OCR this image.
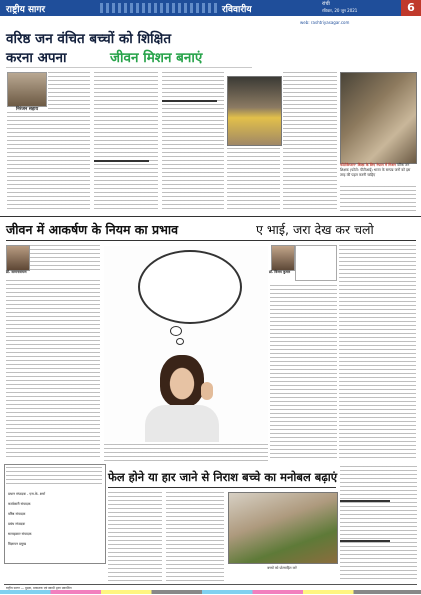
राष्ट्रीय सागर	रविवारीय
रांची
रविवार, 20 जून 2021	6
web: rashtriyasagar.com
वरिष्ठ जन वंचित बच्चों को शिक्षित
करना अपना	जीवन मिशन बनाएं
निरंजन सहाय
फोटोकैप्शन- शिक्षा के लिए नेपाल में मिशन वरिष्ठ जन शिक्षक (फोटो: पीटीआई) भारत के सम्पन्न जनों को इस तरह की पहल करनी चाहिए
जीवन में आकर्षण के नियम का प्रभाव	ए भाई, जरा देख कर चलो
डॉ. सत्यनारायण	डॉ. विजय कुमार
प्रधान संपादक - एस.के. शर्मा
कार्यकारी संपादक
वरिष्ठ संपादक
प्रबंध संपादक
सलाहकार संपादक
विज्ञापन प्रमुख
फेल होने या हार जाने से निराश बच्चे का मनोबल बढ़ाएं
बच्चों को प्रोत्साहित करें
राष्ट्रीय सागर — मुद्रक, प्रकाशक एवं स्वामी द्वारा प्रकाशित
